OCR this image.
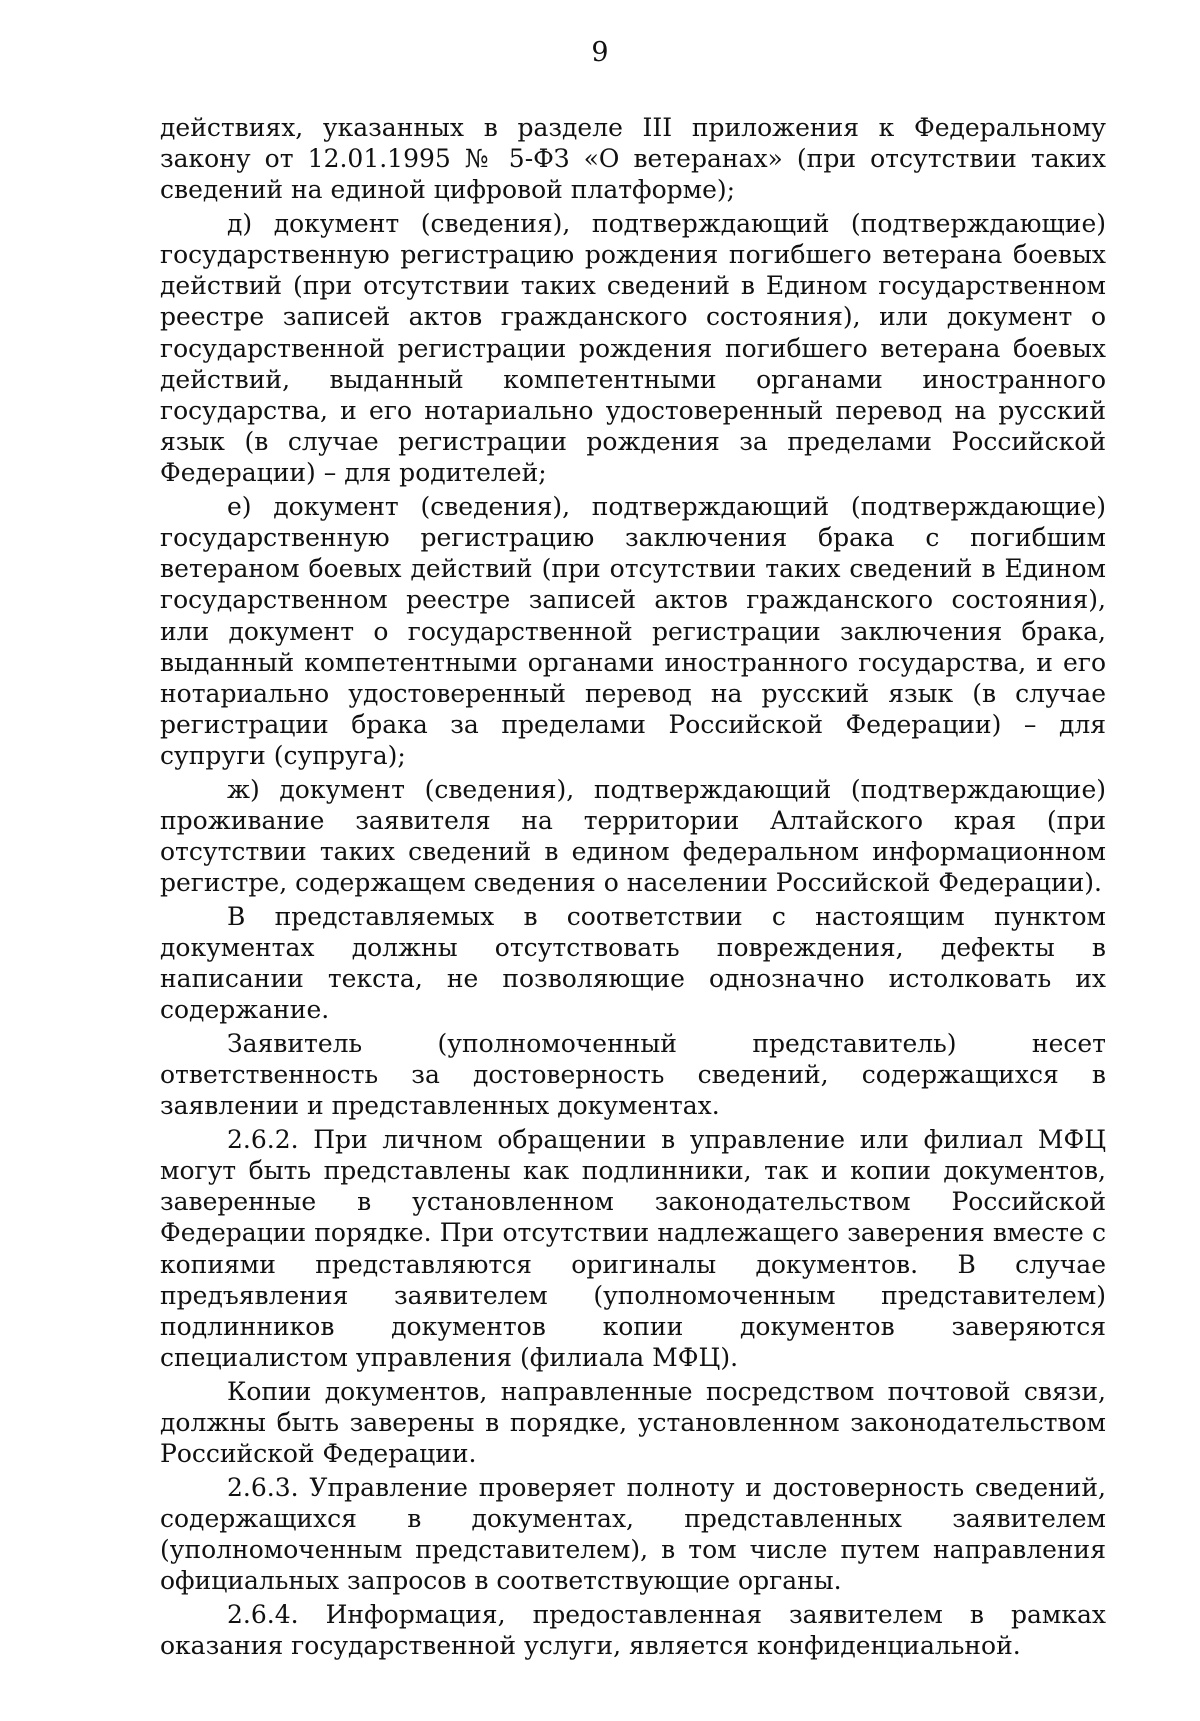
9

действиях, указанных в разделе III приложения к Федеральному закону от 12.01.1995 № 5-ФЗ «О ветеранах» (при отсутствии таких сведений на единой цифровой платформе);

д) документ (сведения), подтверждающий (подтверждающие) государственную регистрацию рождения погибшего ветерана боевых действий (при отсутствии таких сведений в Едином государственном реестре записей актов гражданского состояния), или документ о государственной регистрации рождения погибшего ветерана боевых действий, выданный компетентными органами иностранного государства, и его нотариально удостоверенный перевод на русский язык (в случае регистрации рождения за пределами Российской Федерации) – для родителей;

е) документ (сведения), подтверждающий (подтверждающие) государственную регистрацию заключения брака с погибшим ветераном боевых действий (при отсутствии таких сведений в Едином государственном реестре записей актов гражданского состояния), или документ о государственной регистрации заключения брака, выданный компетентными органами иностранного государства, и его нотариально удостоверенный перевод на русский язык (в случае регистрации брака за пределами Российской Федерации) – для супруги (супруга);

ж) документ (сведения), подтверждающий (подтверждающие) проживание заявителя на территории Алтайского края (при отсутствии таких сведений в едином федеральном информационном регистре, содержащем сведения о населении Российской Федерации).

В представляемых в соответствии с настоящим пунктом документах должны отсутствовать повреждения, дефекты в написании текста, не позволяющие однозначно истолковать их содержание.

Заявитель (уполномоченный представитель) несет ответственность за достоверность сведений, содержащихся в заявлении и представленных документах.

2.6.2. При личном обращении в управление или филиал МФЦ могут быть представлены как подлинники, так и копии документов, заверенные в установленном законодательством Российской Федерации порядке. При отсутствии надлежащего заверения вместе с копиями представляются оригиналы документов. В случае предъявления заявителем (уполномоченным представителем) подлинников документов копии документов заверяются специалистом управления (филиала МФЦ).

Копии документов, направленные посредством почтовой связи, должны быть заверены в порядке, установленном законодательством Российской Федерации.

2.6.3. Управление проверяет полноту и достоверность сведений, содержащихся в документах, представленных заявителем (уполномоченным представителем), в том числе путем направления официальных запросов в соответствующие органы.

2.6.4. Информация, предоставленная заявителем в рамках оказания государственной услуги, является конфиденциальной.
